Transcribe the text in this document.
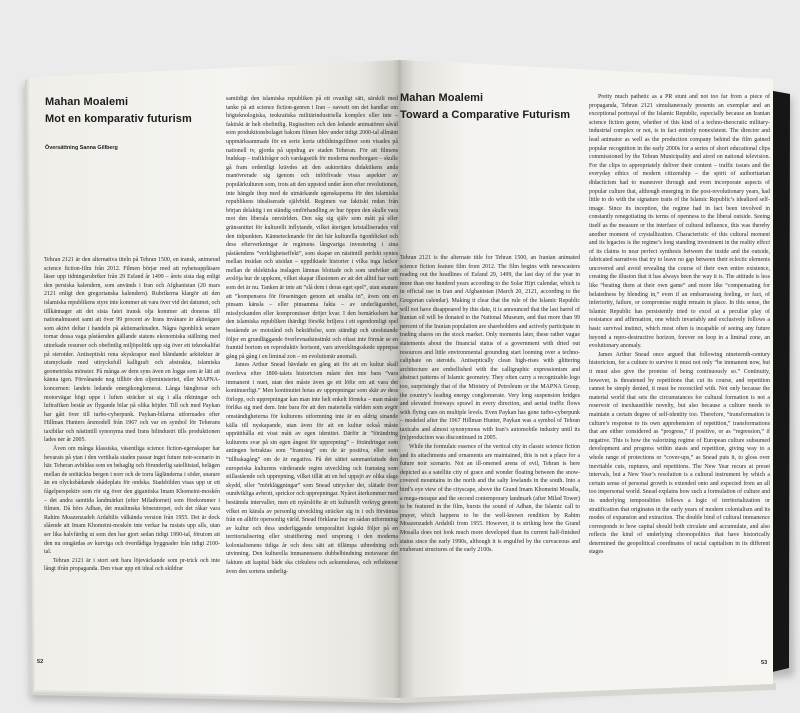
Mahan Moalemi
Mot en komparativ futurism
Översättning Sanna Gillberg

Tehran 2121 är den alternativa titeln på Tehran 1500, en iransk, animerad science fiction-film från 2012. Filmen börjar med att nyhetsuppläsare läser upp tidningsrubriker från 29 Esfand år 1499 – årets sista dag enligt den persiska kalendern, som används i Iran och Afghanistan (20 mars 2121 enligt den gregorianska kalendern). Rubrikerna klargör att den islamiska republikens styre inte kommer att vara över vid det datumet, och tillkännager att det sista fatet iransk olja kommer att doneras till nationalmuseet samt att över 99 procent av Irans invånare är aktieägare som aktivt deltar i handeln på aktiemarknaden. Några ögonblick senare tornar dessa vaga påståenden gällande statens ekonomiska ställning med uttorkade resurser och obefintlig miljöpolitik upp sig över ett teknokalifat på steroider. Antiseptiskt rena skyskrapor med bländande arkitektur är utsmyckade med uttrycksfull kalligrafi och abstrakta, islamiska geometriska mönster. På många av dem syns även en logga som är lätt att känna igen. Förvånande nog tillhör den oljeministeriet, eller MAPNA-koncernen: landets ledande energikonglomerat. Långa hängbroar och motorvägar högt uppe i luften sträcker ut sig i alla riktningar och luftrafiken består av flygande bilar på olika höjder. Till och med Paykan har gått över till turbo-cyberpunk. Paykan-bilarna utformades efter Hillman Hunters årsmodell från 1967 och var en symbol för Teherans taxibilar och nästintill synonyma med Irans bilindustri tills produktionen lades ner år 2005.

Även om många klassiska, väsentliga science fiction-egenskaper har bevarats på ytan i den vertikala staden passar inget future noir-scenario in här. Teheran avbildas som en behaglig och förunderlig satellitstad, belägen mellan de snötäckta bergen i norr och de torra lågländerna i söder, snarare än en olycksbådande skådeplats för ondska. Stadsbilden visas upp ur ett fågelperspektiv som rör sig över den gigantiska Imam Khomeini-moskén – det andra samtida landmärket (efter Miladtornet) som förekommer i filmen. Då hörs Adhan, det muslimska böneutropet, och det råkar vara Rahim Moazenzadeh Ardabilis välkända version från 1955. Det är dock slående att Imam Khomeini-moskén inte verkar ha rustats upp alls, utan ser lika halvfärdig ut som den har gjort sedan tidigt 1990-tal, förutom att den nu omgärdas av kurviga och överdådiga byggnader från tidigt 2100-tal.

Tehran 2121 är i stort sett bara löjeväckande som pr-trick och inte långt ifrån propaganda. Den visar upp ett ideal och skildrar

samtidigt den islamiska republiken på ett ovanligt sätt, särskilt med tanke på att science fiction-genren i Iran – oavsett om det handlar om högteknologiska, teokratiska militärindustriella komplex eller inte – faktiskt är helt obefintlig. Regissören och den ledande animatören såväl som produktionsbolaget bakom filmen blev under tidigt 2000-tal allmänt uppmärksammade för en serie korta utbildningsfilmer som visades på nationell tv, gjorda på uppdrag av staden Teheran. För att filmens budskap – trafikfrågor och vardagsetik för moderna medborgare – skulle gå fram ordentligt krävdes att den auktoritära didaktikens anda manövrerade sig igenom och införlivade vissa aspekter av populärkulturen som, trots att den uppstod under åren efter revolutionen, inte hängde ihop med de utmärkande egenskaperna för den islamiska republikens idealiserade självbild. Regimen var faktiskt redan från början delaktig i en ständig omförhandling av hur öppen den skulle vara mot den liberala omvärlden. Den såg sig själv som mått på eller gränssnittet för kulturellt inflytande, vilket återigen kristalliserades vid den tidpunkten. Kännetecknande för det här kulturella ögonblicket och dess efterverkningar är regimens långvariga investering i sina påståendens ”verklighetseffekt”, som skapar en nästintill perfekt syntes mellan insidan och utsidan – uppdiktade historier i vilka inga luckor mellan de eklektiska inslagen lämnas blottade och som undviker att avslöja hur de uppkom, vilket skapar illusionen av att det alltid har varit som det är nu. Tanken är inte att ”slå dem i deras eget spel”, utan snarare att ”kompensera för förseningen genom att smälta in”, även om en pinsam känsla – eller pinsamma fakta – av underlägsenhet, misslyckanden eller kompromisser dröjer kvar. I den bemärkelsen har den islamiska republiken ihärdigt försökt briljera i ett egendomligt spel bestående av motstånd och bekräftelse, som ständigt och uteslutande följer en grundläggande överlevnadsinstinkt och oftast inte förmår se en framtid bortom en reproduktiv horisont, vars utvecklingsskede upprepas gång på gång i en liminal zon – en evolutionär anomali.

James Arthur Snead hävdade en gång att för att en kultur skall överleva efter 1800-talets historicism måste den inte bara ”vara immanent i nuet, utan den måste även ge ett löfte om att vara det kontinuerligt.” Men kontinuitet hotas av upprepningar som skär av dess förlopp, och upprepningar kan man inte helt enkelt förneka – man måste förlika sig med dem. Inte bara för att den materiella världen som avgör omständigheterna för kulturens utformning inte är en aldrig sinande källa till nyskapande, utan även för att en kultur också måste upprätthålla ett visst mått av egen identitet. Därför är ”förändring kulturens svar på sin egen ångest för upprepning” – förändringar som antingen betraktas som ”framsteg” om de är positiva, eller som ”tillbakagång” om de är negativa. På det sättet sammanfattade den europeiska kulturens värderande regim utveckling och framsteg som stillastående och upprepning, vilket tillät att en hel uppsjö av olika slags skydd, eller ”mörkläggningar” som Snead uttrycker det, slätade över oundvikliga avbrott, sprickor och upprepningar. Nyåret återkommer med bestämda intervaller, men ett nyårslöfte är ett kulturellt verktyg genom vilket en känsla av personlig utveckling sträcker sig in i och förväntas från en alltför opersonlig värld. Snead förklarar hur en sådan utformning av kultur och dess underliggande temporalitet logiskt följer på en territorialisering eller stratifiering med ursprung i den moderna kolonialismens tidiga år och dess sätt att tillämpa utbredning och utvinning. Den kulturella immanensens dubbelbindning motsvarar det faktum att kapital både ska cirkulera och ackumuleras, och reflekterar även den sortens underlig-

52
Mahan Moalemi
Toward a Comparative Futurism

Tehran 2121 is the alternate title for Tehran 1500, an Iranian animated science fiction feature film from 2012. The film begins with newscasters reading out the headlines of Esfand 29, 1499, the last day of the year in more than one hundred years according to the Solar Hijri calendar, which is in official use in Iran and Afghanistan (March 20, 2121, according to the Gregorian calendar). Making it clear that the rule of the Islamic Republic will not have disappeared by this date, it is announced that the last barrel of Iranian oil will be donated to the National Museum, and that more than 99 percent of the Iranian population are shareholders and actively participate in trading shares on the stock market. Only moments later, these rather vague statements about the financial status of a government with dried out resources and little environmental grounding start looming over a techno-caliphate on steroids. Antiseptically clean high-rises with glittering architecture are embellished with the calligraphic expressionism and abstract patterns of Islamic geometry. They often carry a recognizable logo too, surprisingly that of the Ministry of Petroleum or the MAPNA Group, the country’s leading energy conglomerate. Very long suspension bridges and elevated freeways sprawl in every direction, and aerial traffic flows with flying cars on multiple levels. Even Paykan has gone turbo-cyberpunk – modeled after the 1967 Hillman Hunter, Paykan was a symbol of Tehran taxicabs and almost synonymous with Iran’s automobile industry until its (re)production was discontinued in 2005.

While the formulaic essence of the vertical city in classic science fiction and its attachments and ornaments are maintained, this is not a place for a future noir scenario. Not an ill-omened arena of evil, Tehran is here depicted as a satellite city of grace and wonder floating between the snow-covered mountains in the north and the salty lowlands in the south. Into a bird’s eye view of the cityscape, above the Grand Imam Khomeini Mosalla, a mega-mosque and the second contemporary landmark (after Milad Tower) to be featured in the film, bursts the sound of Adhan, the Islamic call to prayer, which happens to be the well-known rendition by Rahim Moazenzadeh Ardabili from 1955. However, it is striking how the Grand Mosalla does not look much more developed than its current half-finished status since the early 1990s, although it is engulfed by the curvaceous and exuberant structures of the early 2100s.

Pretty much pathetic as a PR stunt and not too far from a piece of propaganda, Tehran 2121 simultaneously presents an exemplar and an exceptional portrayal of the Islamic Republic, especially because an Iranian science fiction genre, whether of this kind of a techno-theocratic military-industrial complex or not, is in fact entirely nonexistent. The director and lead animator as well as the production company behind the film gained popular recognition in the early 2000s for a series of short educational clips commissioned by the Tehran Municipality and aired on national television. For the clips to appropriately deliver their content – traffic issues and the everyday ethics of modern citizenship – the spirit of authoritarian didacticism had to maneuver through and even incorporate aspects of popular culture that, although emerging in the post-revolutionary years, had little to do with the signature traits of the Islamic Republic’s idealized self-image. Since its inception, the regime had in fact been involved in constantly renegotiating its terms of openness to the liberal outside. Seeing itself as the measure or the interface of cultural influence, this was thereby another moment of crystallization. Characteristic of this cultural moment and its legacies is the regime’s long standing investment in the reality effect of its claims to near perfect synthesis between the inside and the outside, fabricated narratives that try to leave no gap between their eclectic elements uncovered and avoid revealing the course of their own entire existence, creating the illusion that it has always been the way it is. The attitude is less like “beating them at their own game” and more like “compensating for belatedness by blending in,” even if an embarrassing feeling, or fact, of inferiority, failure, or compromise might remain in place. In this sense, the Islamic Republic has persistently tried to excel at a peculiar play of resistance and affirmation, one which invariably and exclusively follows a basic survival instinct, which most often is incapable of seeing any future beyond a repro-destructive horizon, forever on loop in a liminal zone, an evolutionary anomaly.

James Arthur Snead once argued that following nineteenth-century historicism, for a culture to survive it must not only “be immanent now, but it must also give the promise of being continuously so.” Continuity, however, is threatened by repetitions that cut its course, and repetition cannot be simply denied, it must be reconciled with. Not only because the material world that sets the circumstances for cultural formation is not a reservoir of inexhaustible novelty, but also because a culture needs to maintain a certain degree of self-identity too. Therefore, “transformation is culture’s response to its own apprehension of repetition,” transformations that are either considered as “progress,” if positive, or as “regression,” if negative. This is how the valorizing regime of European culture subsumed development and progress within stasis and repetition, giving way to a whole range of protections or “cover-ups,” as Snead puts it, to gloss over inevitable cuts, ruptures, and repetitions. The New Year recurs at preset intervals, but a New Year’s resolution is a cultural instrument by which a certain sense of personal growth is extended onto and expected from an all too impersonal world. Snead explains how such a formulation of culture and its underlying temporalities follows a logic of territorialization or stratification that originates in the early years of modern colonialism and its modes of expansion and extraction. The double bind of cultural immanence corresponds to how capital should both circulate and accumulate, and also reflects the kind of underlying chronopolitics that have historically determined the geopolitical coordinates of racial capitalism in its different stages

53
